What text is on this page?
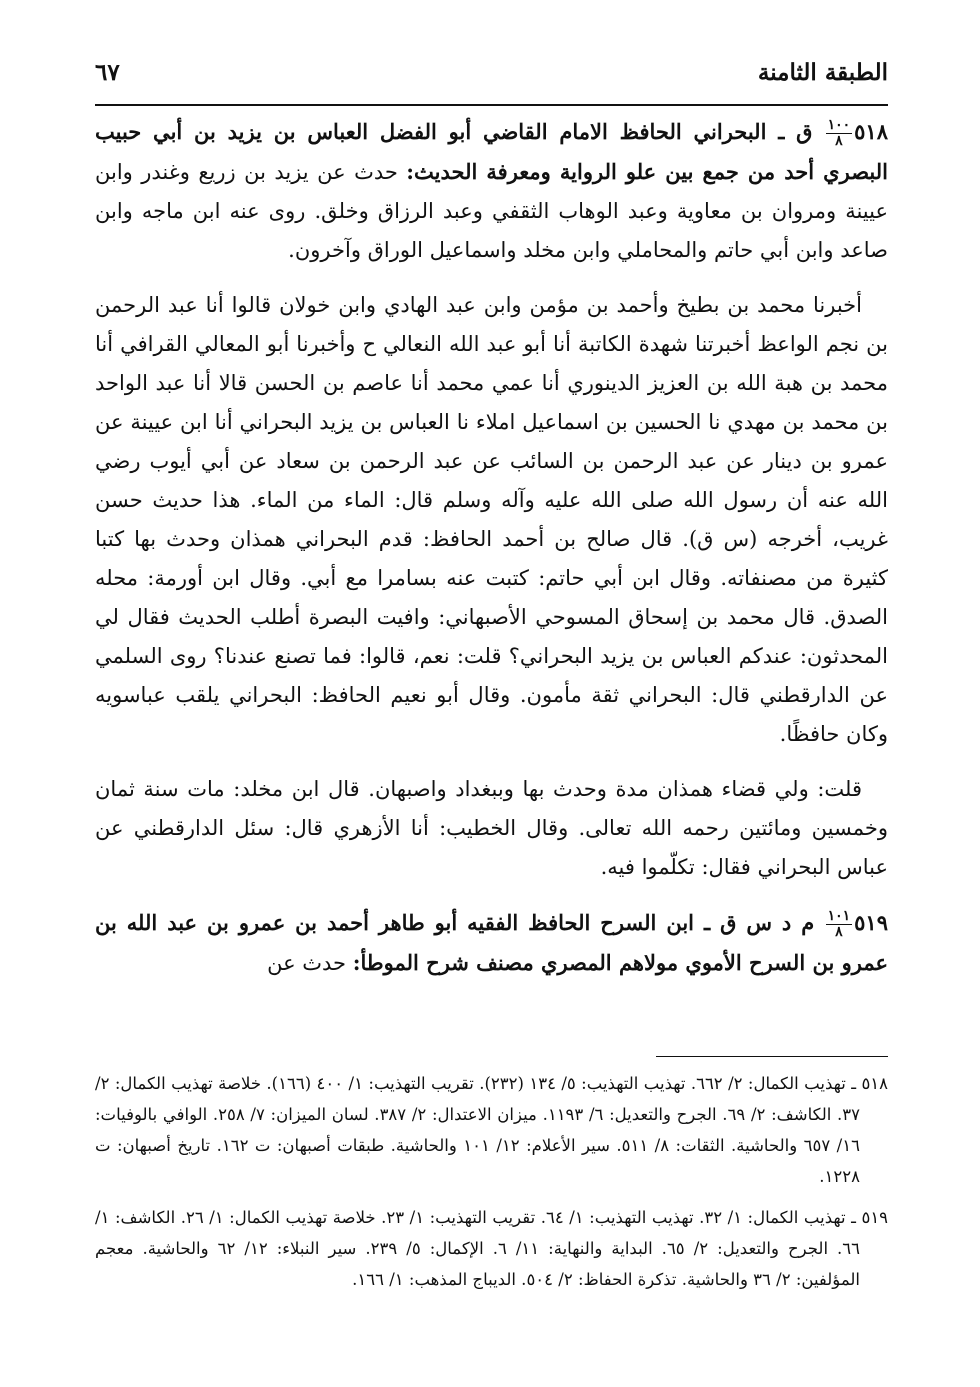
الطبقة الثامنة
٦٧

٥١٨
$\frac{١٠٠}{٨}$
ق ـ البحراني الحافظ الامام القاضي أبو الفضل العباس بن يزيد بن أبي حبيب البصري أحد من جمع بين علو الرواية ومعرفة الحديث: حدث عن يزيد بن زريع وغندر وابن عيينة ومروان بن معاوية وعبد الوهاب الثقفي وعبد الرزاق وخلق. روى عنه ابن ماجه وابن صاعد وابن أبي حاتم والمحاملي وابن مخلد واسماعيل الوراق وآخرون.

أخبرنا محمد بن بطيخ وأحمد بن مؤمن وابن عبد الهادي وابن خولان قالوا أنا عبد الرحمن بن نجم الواعظ أخبرتنا شهدة الكاتبة أنا أبو عبد الله النعالي ح وأخبرنا أبو المعالي القرافي أنا محمد بن هبة الله بن العزيز الدينوري أنا عمي محمد أنا عاصم بن الحسن قالا أنا عبد الواحد بن محمد بن مهدي نا الحسين بن اسماعيل املاء نا العباس بن يزيد البحراني أنا ابن عيينة عن عمرو بن دينار عن عبد الرحمن بن السائب عن عبد الرحمن بن سعاد عن أبي أيوب رضي الله عنه أن رسول الله صلى الله عليه وآله وسلم قال: الماء من الماء. هذا حديث حسن غريب، أخرجه (س ق). قال صالح بن أحمد الحافظ: قدم البحراني همذان وحدث بها كتبا كثيرة من مصنفاته. وقال ابن أبي حاتم: كتبت عنه بسامرا مع أبي. وقال ابن أورمة: محله الصدق. قال محمد بن إسحاق المسوحي الأصبهاني: وافيت البصرة أطلب الحديث فقال لي المحدثون: عندكم العباس بن يزيد البحراني؟ قلت: نعم، قالوا: فما تصنع عندنا؟ روى السلمي عن الدارقطني قال: البحراني ثقة مأمون. وقال أبو نعيم الحافظ: البحراني يلقب عباسويه وكان حافظًا.

قلت: ولي قضاء همذان مدة وحدث بها وببغداد واصبهان. قال ابن مخلد: مات سنة ثمان وخمسين ومائتين رحمه الله تعالى. وقال الخطيب: أنا الأزهري قال: سئل الدارقطني عن عباس البحراني فقال: تكلّموا فيه.

٥١٩
$\frac{١٠١}{٨}$
م د س ق ـ ابن السرح الحافظ الفقيه أبو طاهر أحمد بن عمرو بن عبد الله بن عمرو بن السرح الأموي مولاهم المصري مصنف شرح الموطأ: حدث عن

٥١٨ ـ تهذيب الكمال: ٢/ ٦٦٢. تهذيب التهذيب: ٥/ ١٣٤ (٢٣٢). تقريب التهذيب: ١/ ٤٠٠ (١٦٦). خلاصة تهذيب الكمال: ٢/ ٣٧. الكاشف: ٢/ ٦٩. الجرح والتعديل: ٦/ ١١٩٣. ميزان الاعتدال: ٢/ ٣٨٧. لسان الميزان: ٧/ ٢٥٨. الوافي بالوفيات: ١٦/ ٦٥٧ والحاشية. الثقات: ٨/ ٥١١. سير الأعلام: ١٢/ ١٠١ والحاشية. طبقات أصبهان: ت ١٦٢. تاريخ أصبهان: ت ١٢٢٨.

٥١٩ ـ تهذيب الكمال: ١/ ٣٢. تهذيب التهذيب: ١/ ٦٤. تقريب التهذيب: ١/ ٢٣. خلاصة تهذيب الكمال: ١/ ٢٦. الكاشف: ١/ ٦٦. الجرح والتعديل: ٢/ ٦٥. البداية والنهاية: ١١/ ٦. الإكمال: ٥/ ٢٣٩. سير النبلاء: ١٢/ ٦٢ والحاشية. معجم المؤلفين: ٢/ ٣٦ والحاشية. تذكرة الحفاظ: ٢/ ٥٠٤. الديباج المذهب: ١/ ١٦٦.
